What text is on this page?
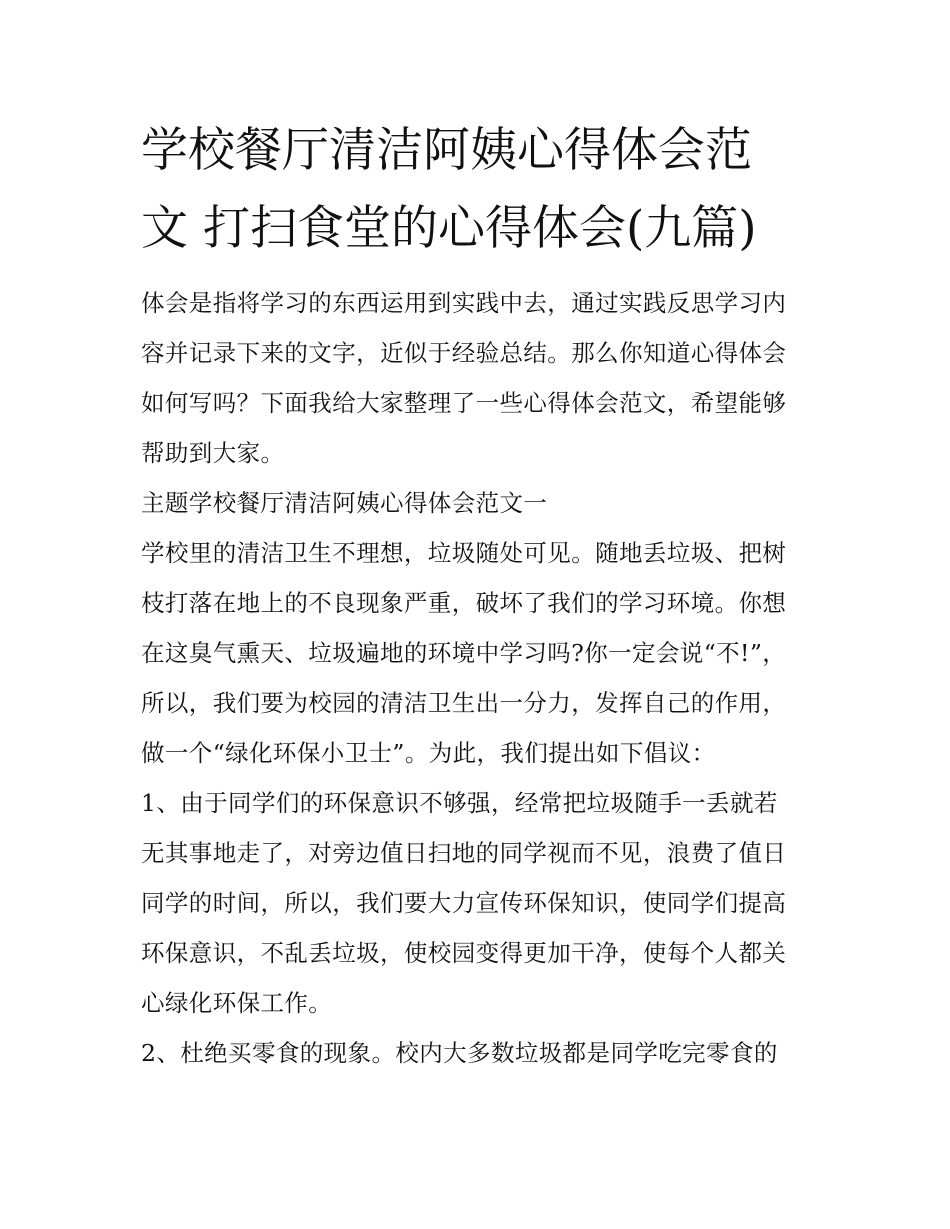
学校餐厅清洁阿姨心得体会范
文 打扫食堂的心得体会(九篇)
体会是指将学习的东西运用到实践中去，通过实践反思学习内
容并记录下来的文字，近似于经验总结。那么你知道心得体会
如何写吗？下面我给大家整理了一些心得体会范文，希望能够
帮助到大家。
主题学校餐厅清洁阿姨心得体会范文一
学校里的清洁卫生不理想，垃圾随处可见。随地丢垃圾、把树
枝打落在地上的不良现象严重，破坏了我们的学习环境。你想
在这臭气熏天、垃圾遍地的环境中学习吗?你一定会说“不!”，
所以，我们要为校园的清洁卫生出一分力，发挥自己的作用，
做一个“绿化环保小卫士”。为此，我们提出如下倡议：
1、由于同学们的环保意识不够强，经常把垃圾随手一丢就若
无其事地走了，对旁边值日扫地的同学视而不见，浪费了值日
同学的时间，所以，我们要大力宣传环保知识，使同学们提高
环保意识，不乱丢垃圾，使校园变得更加干净，使每个人都关
心绿化环保工作。
2、杜绝买零食的现象。校内大多数垃圾都是同学吃完零食的
